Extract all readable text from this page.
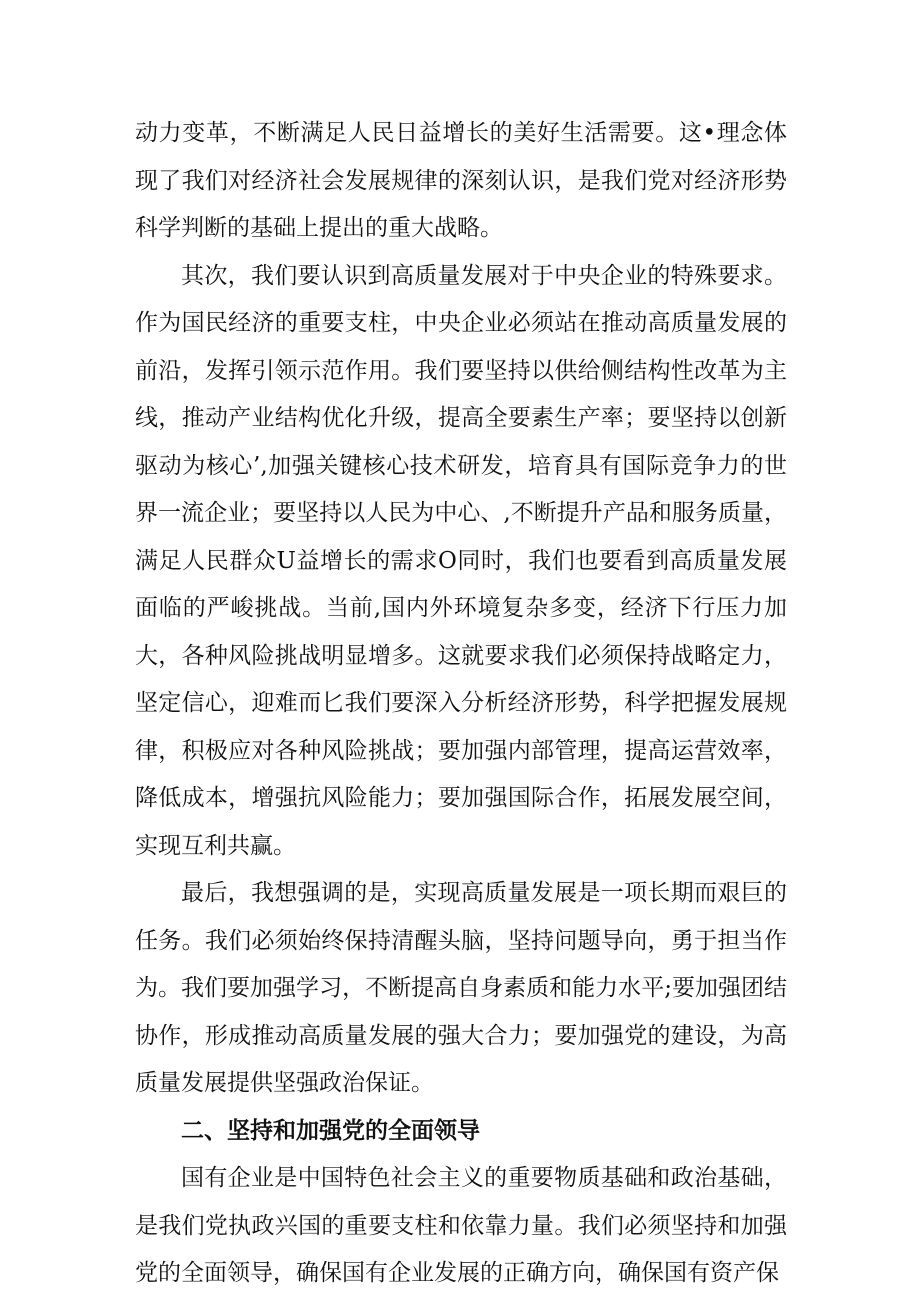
动力变革，不断满足人民日益增长的美好生活需要。这•理念体现了我们对经济社会发展规律的深刻认识，是我们党对经济形势科学判断的基础上提出的重大战略。

其次，我们要认识到高质量发展对于中央企业的特殊要求。作为国民经济的重要支柱，中央企业必须站在推动高质量发展的前沿，发挥引领示范作用。我们要坚持以供给侧结构性改革为主线，推动产业结构优化升级，提高全要素生产率；要坚持以创新驱动为核心’,加强关键核心技术研发，培育具有国际竞争力的世界一流企业；要坚持以人民为中心、,不断提升产品和服务质量，满足人民群众U益增长的需求O同时，我们也要看到高质量发展面临的严峻挑战。当前,国内外环境复杂多变，经济下行压力加大，各种风险挑战明显增多。这就要求我们必须保持战略定力，坚定信心，迎难而匕我们要深入分析经济形势，科学把握发展规律，积极应对各种风险挑战；要加强内部管理，提高运营效率，降低成本，增强抗风险能力；要加强国际合作，拓展发展空间，实现互利共赢。

最后，我想强调的是，实现高质量发展是一项长期而艰巨的任务。我们必须始终保持清醒头脑，坚持问题导向，勇于担当作为。我们要加强学习，不断提高自身素质和能力水平;要加强团结协作，形成推动高质量发展的强大合力；要加强党的建设，为高质量发展提供坚强政治保证。

二、坚持和加强党的全面领导

国有企业是中国特色社会主义的重要物质基础和政治基础，是我们党执政兴国的重要支柱和依靠力量。我们必须坚持和加强党的全面领导，确保国有企业发展的正确方向，确保国有资产保
